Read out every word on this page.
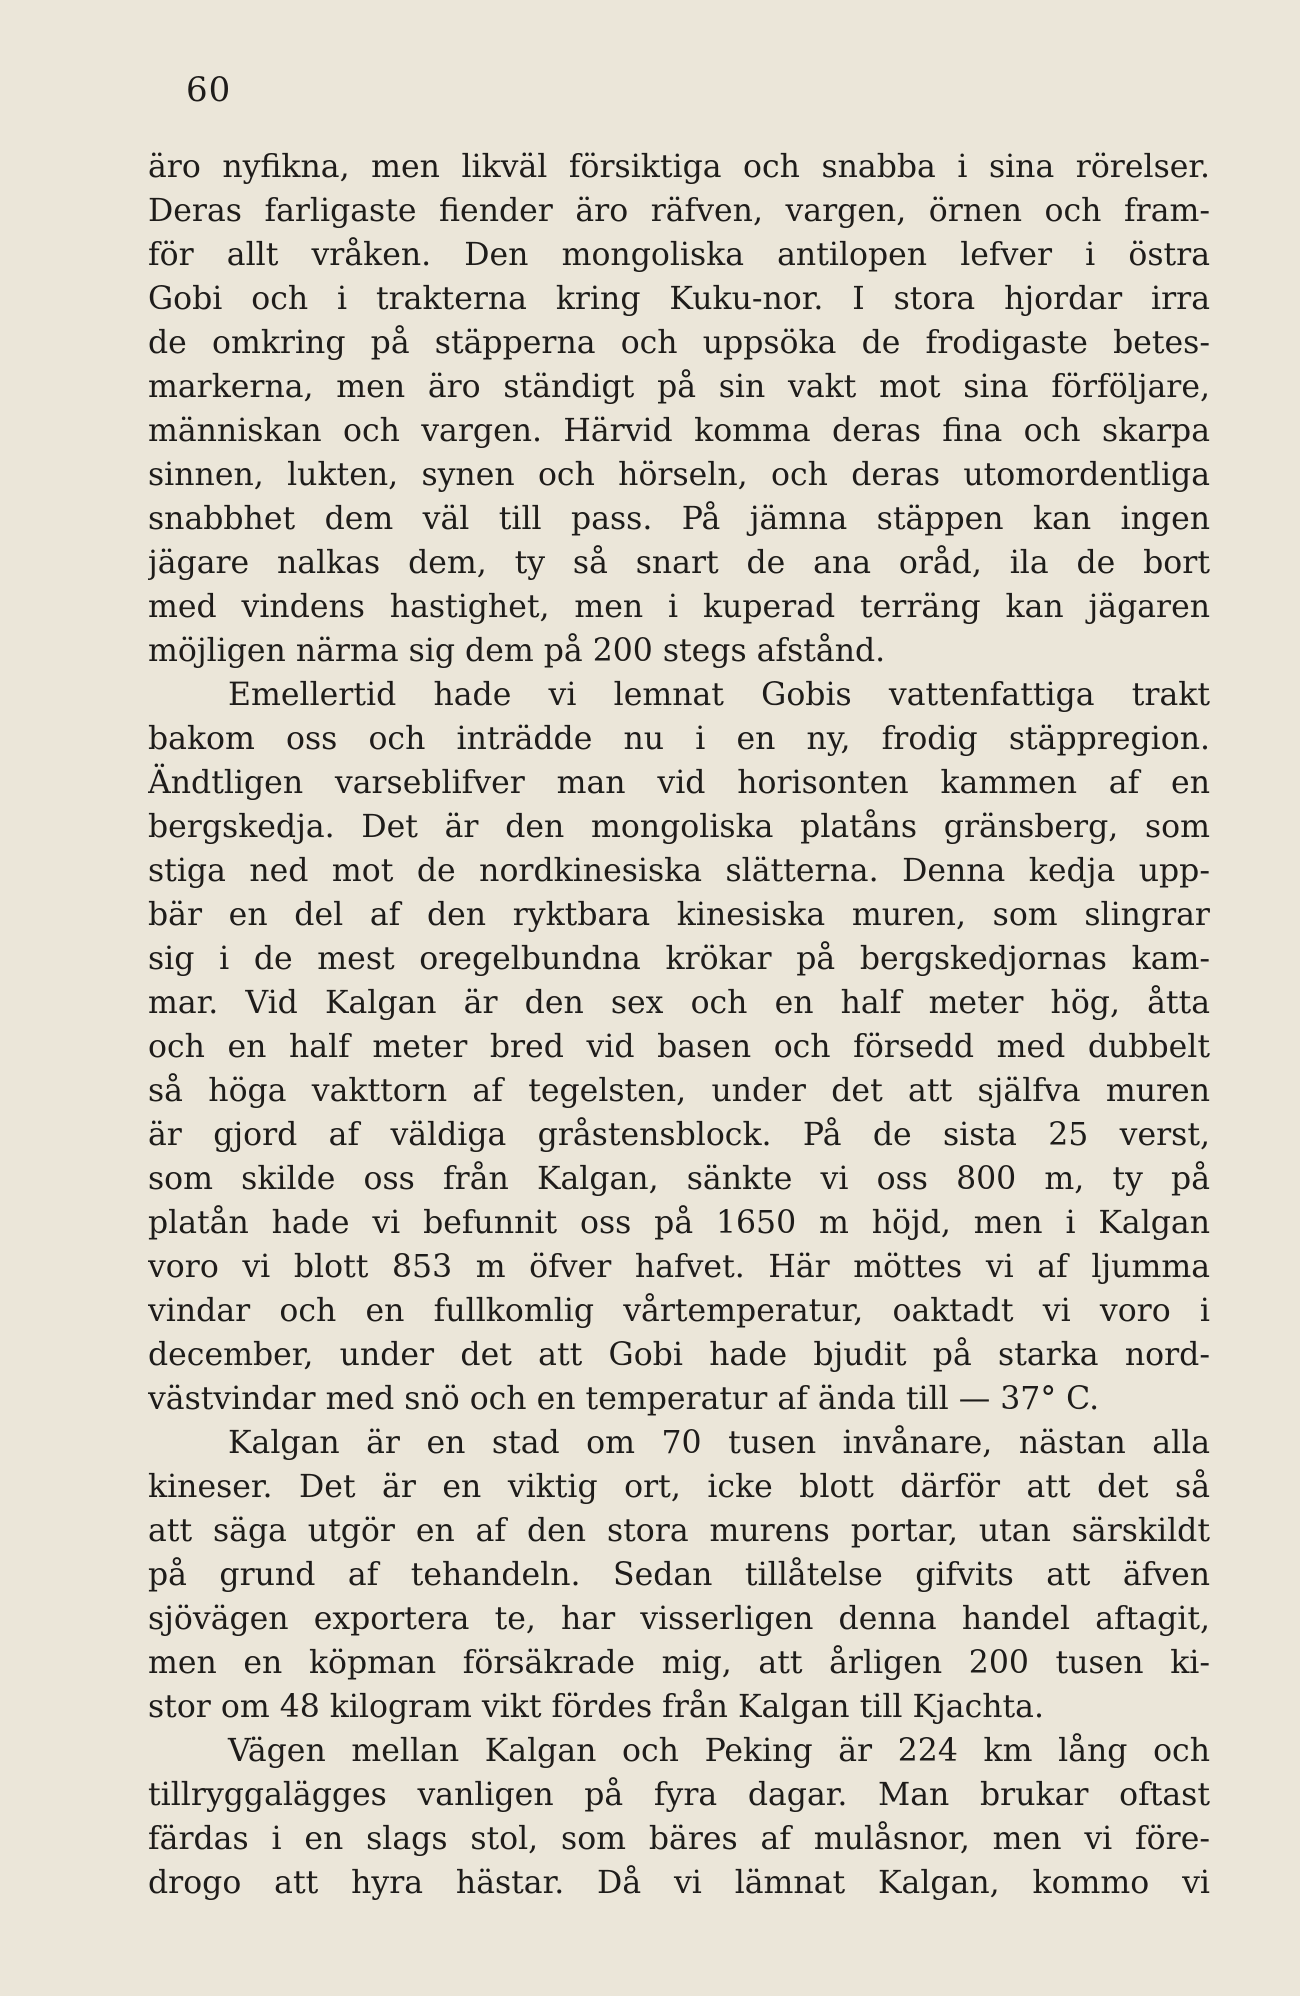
60
äro nyfikna, men likväl försiktiga och snabba i sina rörelser.
Deras farligaste fiender äro räfven, vargen, örnen och fram-
för allt vråken. Den mongoliska antilopen lefver i östra
Gobi och i trakterna kring Kuku-nor. I stora hjordar irra
de omkring på stäpperna och uppsöka de frodigaste betes-
markerna, men äro ständigt på sin vakt mot sina förföljare,
människan och vargen. Härvid komma deras fina och skarpa
sinnen, lukten, synen och hörseln, och deras utomordentliga
snabbhet dem väl till pass. På jämna stäppen kan ingen
jägare nalkas dem, ty så snart de ana oråd, ila de bort
med vindens hastighet, men i kuperad terräng kan jägaren
möjligen närma sig dem på 200 stegs afstånd.
Emellertid hade vi lemnat Gobis vattenfattiga trakt
bakom oss och inträdde nu i en ny, frodig stäppregion.
Ändtligen varseblifver man vid horisonten kammen af en
bergskedja. Det är den mongoliska platåns gränsberg, som
stiga ned mot de nordkinesiska slätterna. Denna kedja upp-
bär en del af den ryktbara kinesiska muren, som slingrar
sig i de mest oregelbundna krökar på bergskedjornas kam-
mar. Vid Kalgan är den sex och en half meter hög, åtta
och en half meter bred vid basen och försedd med dubbelt
så höga vakttorn af tegelsten, under det att själfva muren
är gjord af väldiga gråstensblock. På de sista 25 verst,
som skilde oss från Kalgan, sänkte vi oss 800 m, ty på
platån hade vi befunnit oss på 1650 m höjd, men i Kalgan
voro vi blott 853 m öfver hafvet. Här möttes vi af ljumma
vindar och en fullkomlig vårtemperatur, oaktadt vi voro i
december, under det att Gobi hade bjudit på starka nord-
västvindar med snö och en temperatur af ända till — 37° C.
Kalgan är en stad om 70 tusen invånare, nästan alla
kineser. Det är en viktig ort, icke blott därför att det så
att säga utgör en af den stora murens portar, utan särskildt
på grund af tehandeln. Sedan tillåtelse gifvits att äfven
sjövägen exportera te, har visserligen denna handel aftagit,
men en köpman försäkrade mig, att årligen 200 tusen ki-
stor om 48 kilogram vikt fördes från Kalgan till Kjachta.
Vägen mellan Kalgan och Peking är 224 km lång och
tillryggalägges vanligen på fyra dagar. Man brukar oftast
färdas i en slags stol, som bäres af mulåsnor, men vi före-
drogo att hyra hästar. Då vi lämnat Kalgan, kommo vi
